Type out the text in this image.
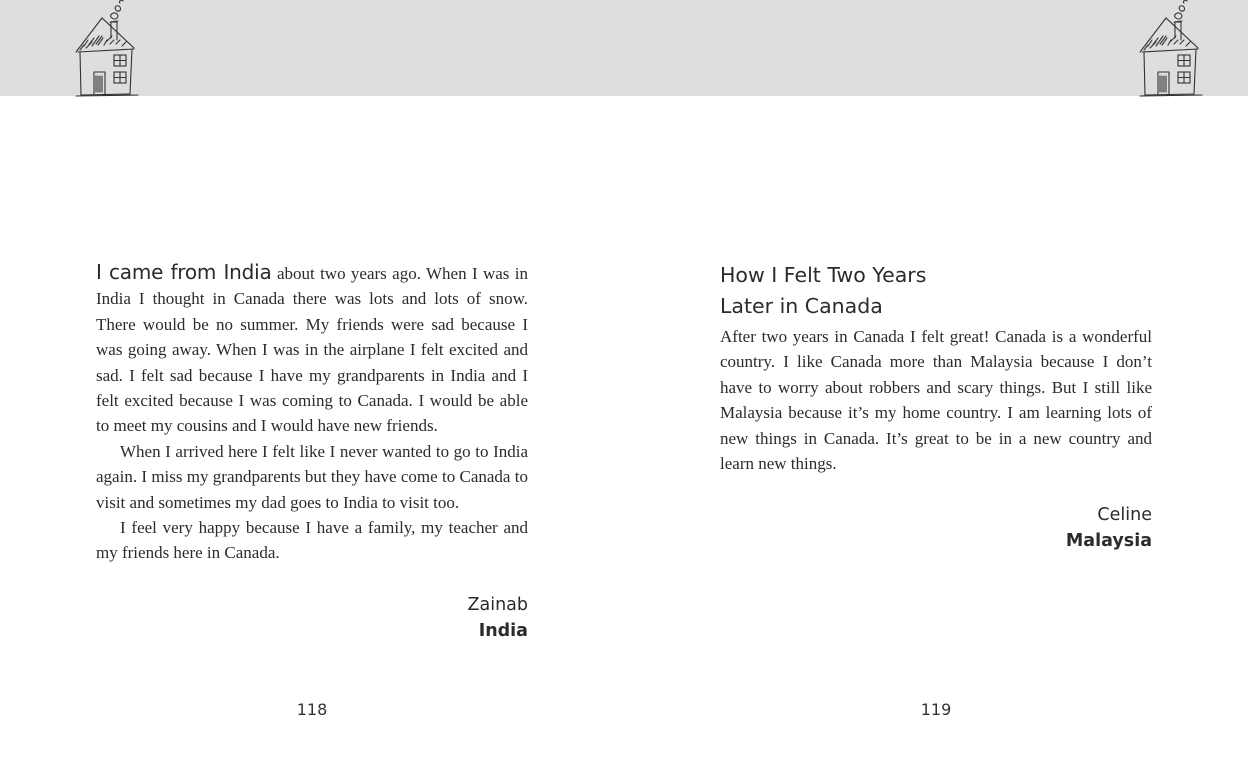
I came from India about two years ago. When I was in India I thought in Canada there was lots and lots of snow. There would be no summer. My friends were sad because I was going away. When I was in the airplane I felt excited and sad. I felt sad because I have my grandparents in India and I felt excited because I was coming to Canada. I would be able to meet my cousins and I would have new friends.

When I arrived here I felt like I never wanted to go to India again. I miss my grandparents but they have come to Canada to visit and sometimes my dad goes to India to visit too.

I feel very happy because I have a family, my teacher and my friends here in Canada.

Zainab
India
How I Felt Two Years
Later in Canada

After two years in Canada I felt great! Canada is a wonderful country. I like Canada more than Malaysia because I don’t have to worry about robbers and scary things. But I still like Malaysia because it’s my home country. I am learning lots of new things in Canada. It’s great to be in a new country and learn new things.

Celine
Malaysia
118	119
